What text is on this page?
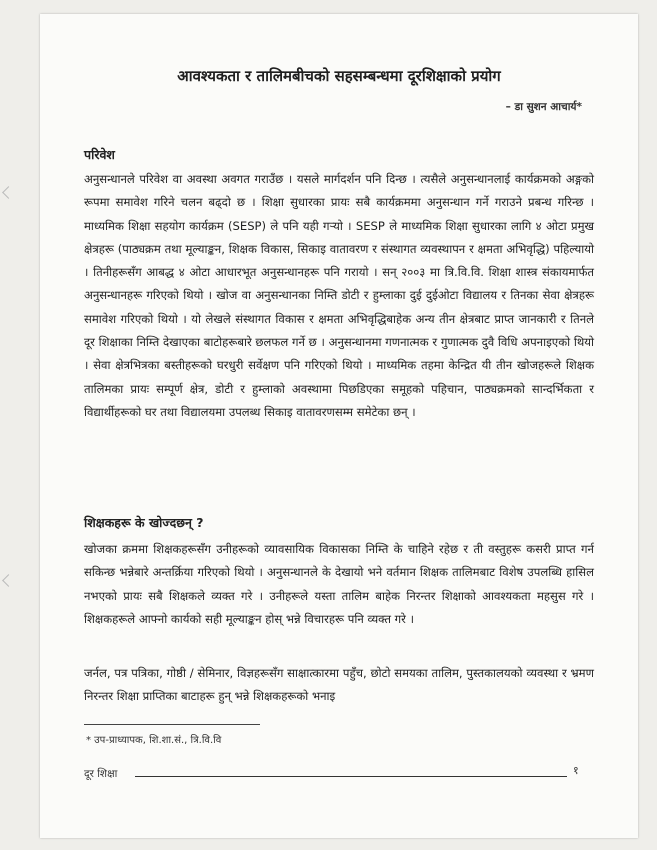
आवश्यकता र तालिमबीचको सहसम्बन्धमा दूरशिक्षाको प्रयोग
– डा सुशन आचार्य*
परिवेश

अनुसन्धानले परिवेश वा अवस्था अवगत गराउँछ । यसले मार्गदर्शन पनि दिन्छ । त्यसैले अनुसन्धानलाई कार्यक्रमको अङ्गको रूपमा समावेश गरिने चलन बढ्दो छ । शिक्षा सुधारका प्रायः सबै कार्यक्रममा अनुसन्धान गर्ने गराउने प्रबन्ध गरिन्छ । माध्यमिक शिक्षा सहयोग कार्यक्रम (SESP) ले पनि यही गर्‍यो । SESP ले माध्यमिक शिक्षा सुधारका लागि ४ ओटा प्रमुख क्षेत्रहरू (पाठ्यक्रम तथा मूल्याङ्कन, शिक्षक विकास, सिकाइ वातावरण र संस्थागत व्यवस्थापन र क्षमता अभिवृद्धि) पहिल्यायो । तिनीहरूसँग आबद्ध ४ ओटा आधारभूत अनुसन्धानहरू पनि गरायो । सन् २००३ मा त्रि.वि.वि. शिक्षा शास्त्र संकायमार्फत अनुसन्धानहरू गरिएको थियो । खोज वा अनुसन्धानका निम्ति डोटी र हुम्लाका दुई दुईओटा विद्यालय र तिनका सेवा क्षेत्रहरू समावेश गरिएको थियो । यो लेखले संस्थागत विकास र क्षमता अभिवृद्धिबाहेक अन्य तीन क्षेत्रबाट प्राप्त जानकारी र तिनले दूर शिक्षाका निम्ति देखाएका बाटोहरूबारे छलफल गर्ने छ । अनुसन्धानमा गणनात्मक र गुणात्मक दुवै विधि अपनाइएको थियो । सेवा क्षेत्रभित्रका बस्तीहरूको घरधुरी सर्वेक्षण पनि गरिएको थियो । माध्यमिक तहमा केन्द्रित यी तीन खोजहरूले शिक्षक तालिमका प्रायः सम्पूर्ण क्षेत्र, डोटी र हुम्लाको अवस्थामा पिछडिएका समूहको पहिचान, पाठ्यक्रमको सान्दर्भिकता र विद्यार्थीहरूको घर तथा विद्यालयमा उपलब्ध सिकाइ वातावरणसम्म समेटेका छन् ।

शिक्षकहरू के खोज्दछन् ?

खोजका क्रममा शिक्षकहरूसँग उनीहरूको व्यावसायिक विकासका निम्ति के चाहिने रहेछ र ती वस्तुहरू कसरी प्राप्त गर्न सकिन्छ भन्नेबारे अन्तर्क्रिया गरिएको थियो । अनुसन्धानले के देखायो भने वर्तमान शिक्षक तालिमबाट विशेष उपलब्धि हासिल नभएको प्रायः सबै शिक्षकले व्यक्त गरे । उनीहरूले यस्ता तालिम बाहेक निरन्तर शिक्षाको आवश्यकता महसुस गरे । शिक्षकहरूले आफ्नो कार्यको सही मूल्याङ्कन होस् भन्ने विचारहरू पनि व्यक्त गरे ।

जर्नल, पत्र पत्रिका, गोष्ठी / सेमिनार, विज्ञहरूसँग साक्षात्कारमा पहुँच, छोटो समयका तालिम, पुस्तकालयको व्यवस्था र भ्रमण निरन्तर शिक्षा प्राप्तिका बाटाहरू हुन् भन्ने शिक्षकहरूको भनाइ

* उप-प्राध्यापक, शि.शा.सं., त्रि.वि.वि
दूर शिक्षा	१
